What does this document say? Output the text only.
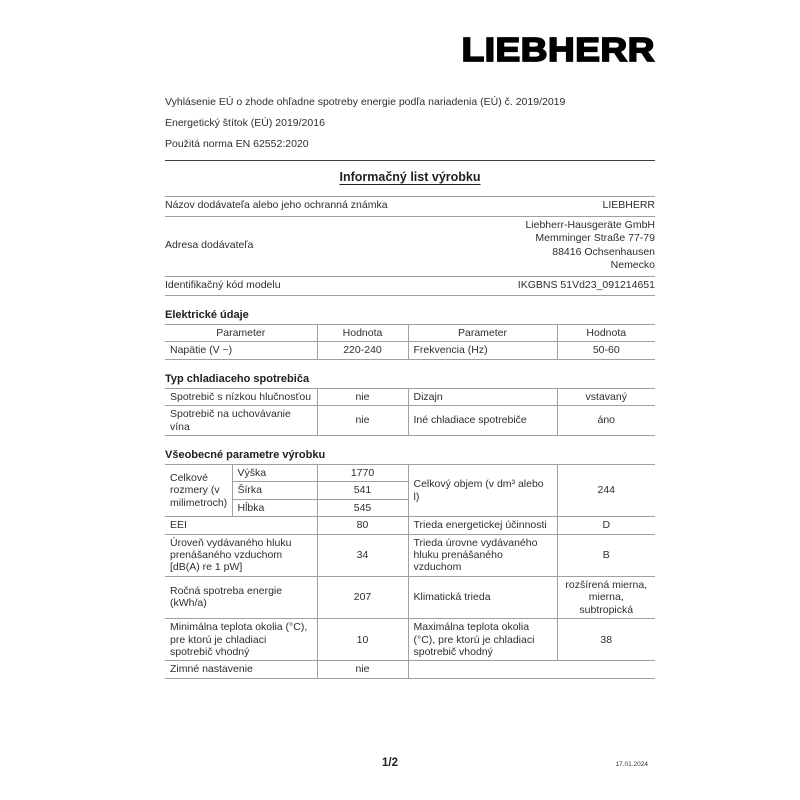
LIEBHERR
Vyhlásenie EÚ o zhode ohľadne spotreby energie podľa nariadenia (EÚ) č. 2019/2019
Energetický štítok (EÚ) 2019/2016
Použitá norma EN 62552:2020
Informačný list výrobku
Názov dodávateľa alebo jeho ochranná známka	LIEBHERR
Adresa dodávateľa	Liebherr-Hausgeräte GmbH
Memminger Straße 77-79
88416 Ochsenhausen
Nemecko

Identifikačný kód modelu	IKGBNS 51Vd23_091214651
Elektrické údaje
Parameter	Hodnota	Parameter	Hodnota
Napätie (V ~)	220-240	Frekvencia (Hz)	50-60
Typ chladiaceho spotrebiča
Spotrebič s nízkou hlučnosťou	nie	Dizajn	vstavaný
Spotrebič na uchovávanie vína	nie	Iné chladiace spotrebiče	áno
Všeobecné parametre výrobku
Celkové rozmery (v milimetroch)	Výška	1770	Celkový objem (v dm³ alebo l)	244
	Šírka	541		
	Hĺbka	545		
EEI		80	Trieda energetickej účinnosti	D
Úroveň vydávaného hluku prenášaného vzduchom [dB(A) re 1 pW]		34	Trieda úrovne vydávaného hluku prenášaného vzduchom	B
Ročná spotreba energie (kWh/a)		207	Klimatická trieda	rozšírená mierna, mierna, subtropická
Minimálna teplota okolia (°C), pre ktorú je chladiaci spotrebič vhodný		10	Maximálna teplota okolia (°C), pre ktorú je chladiaci spotrebič vhodný	38
Zimné nastavenie		nie		
1/2	17.01.2024
